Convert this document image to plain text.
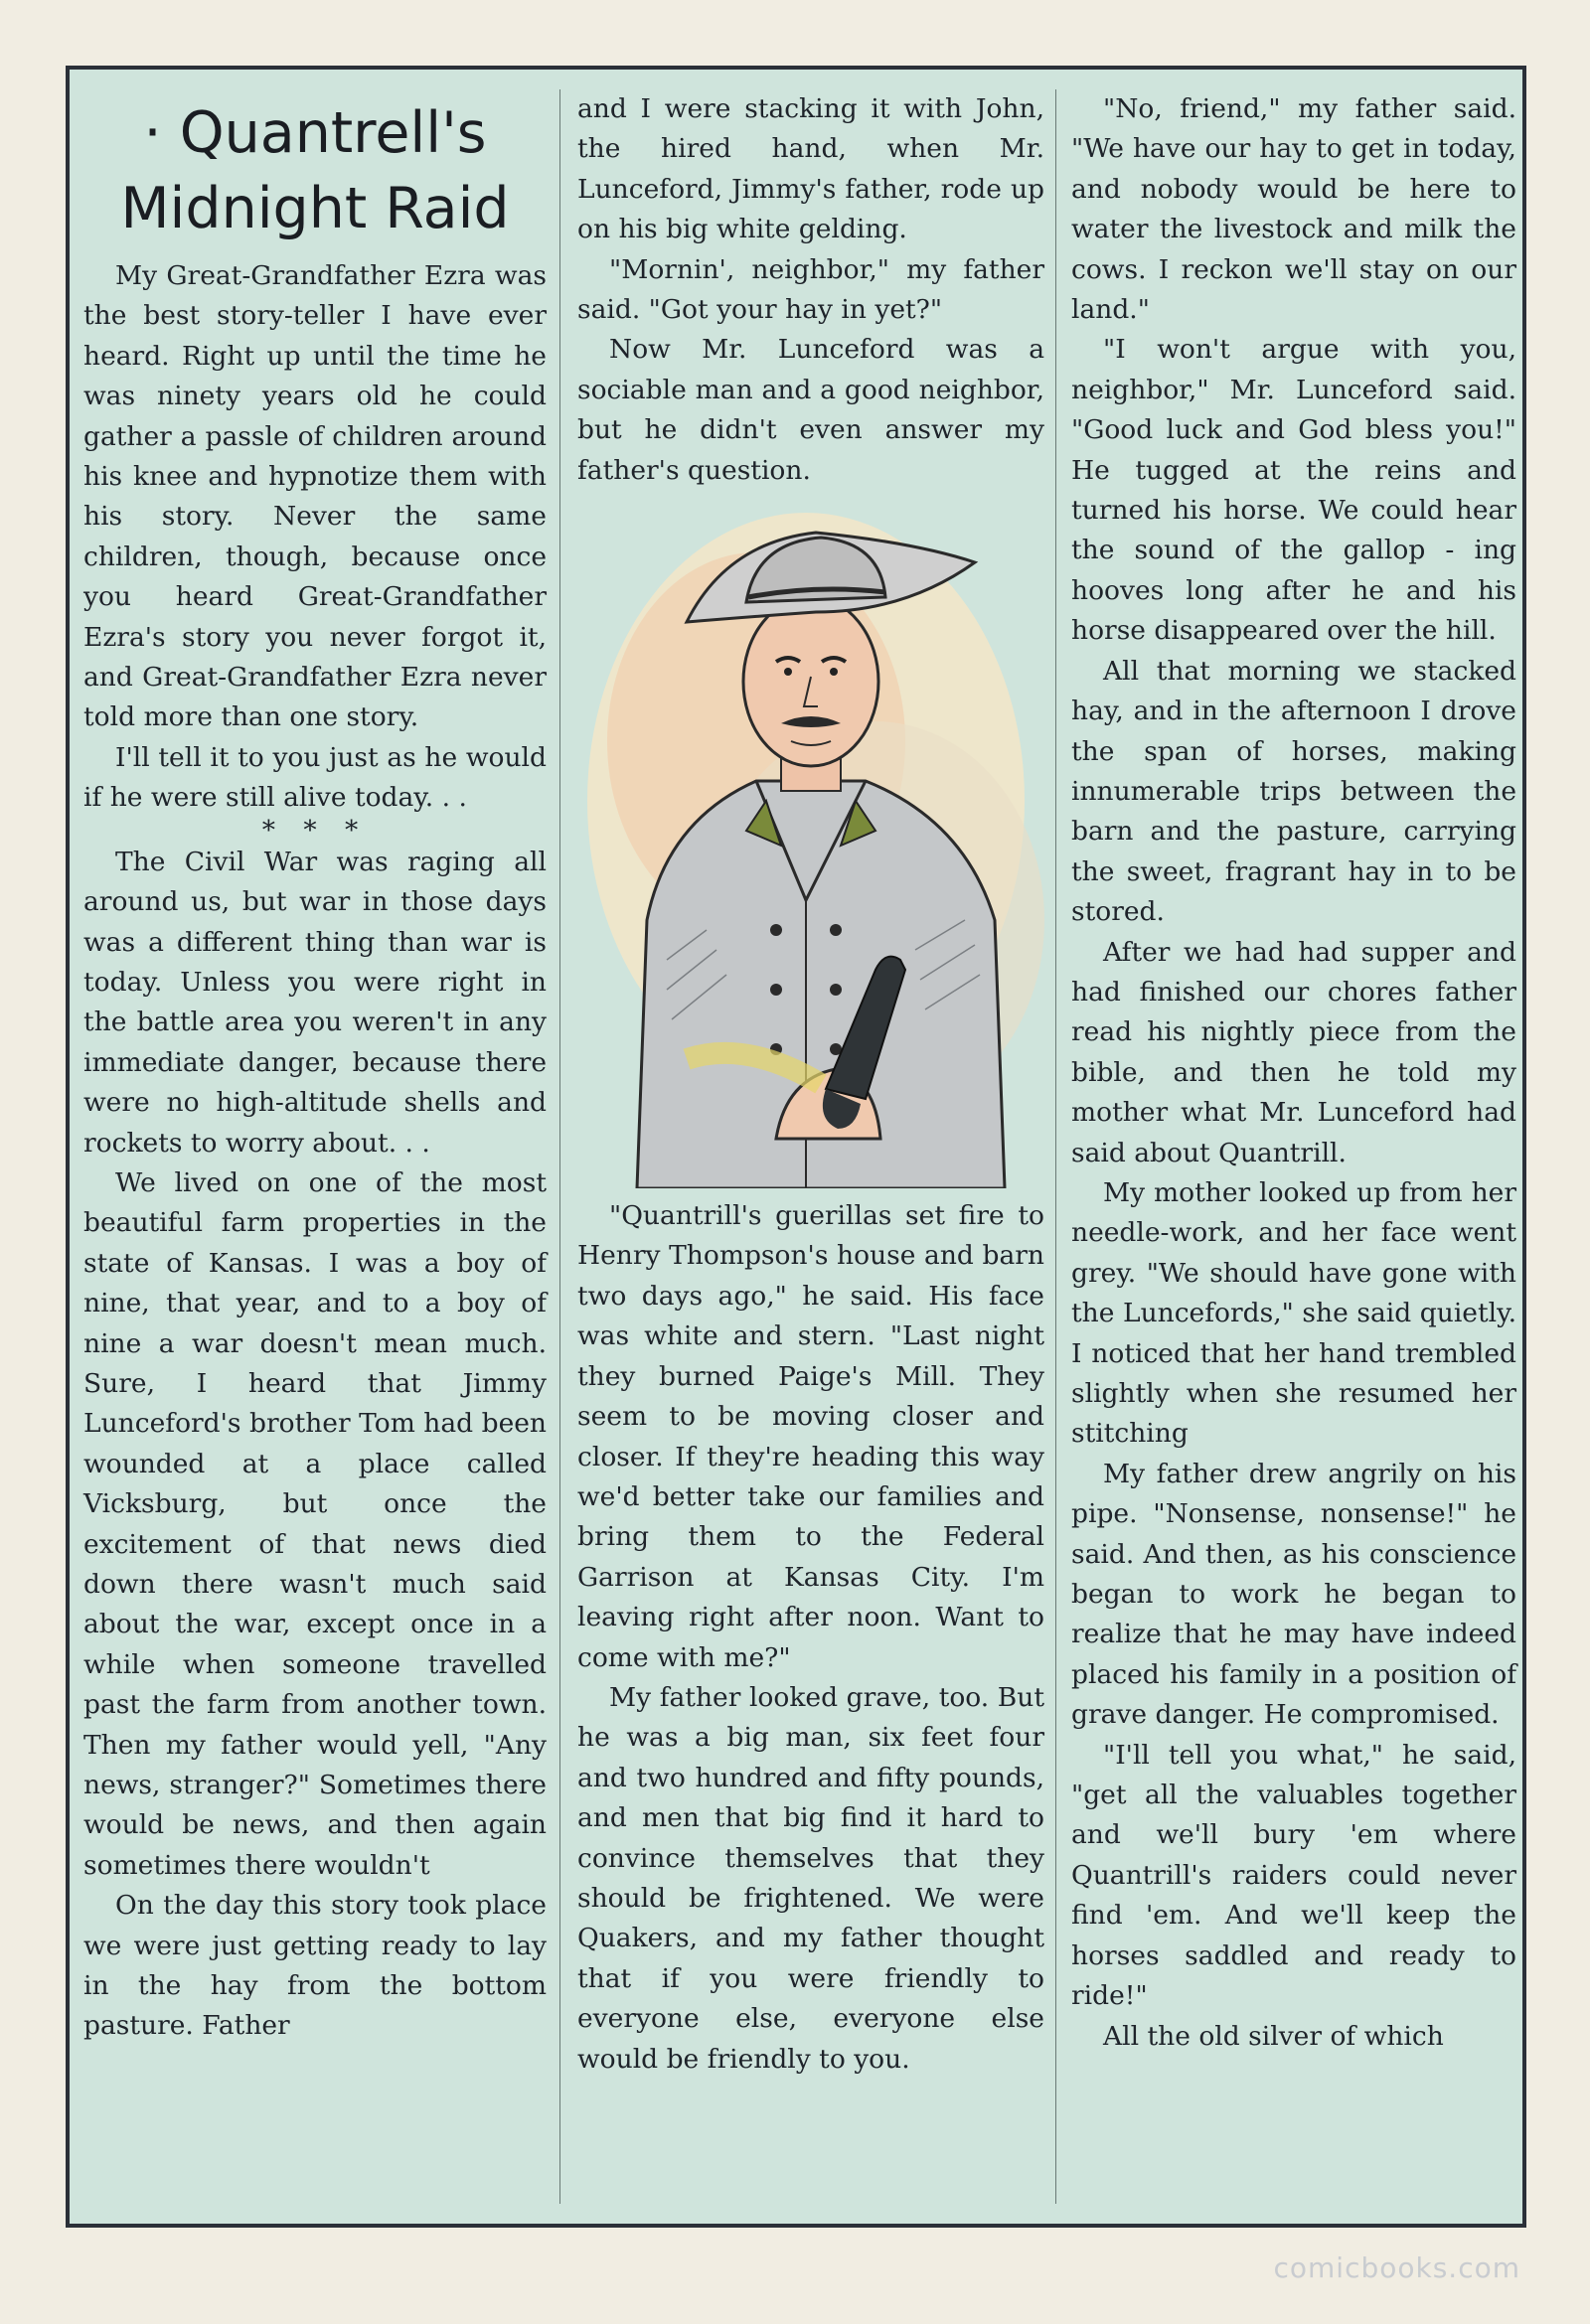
· Quantrell's
Midnight Raid

My Great-Grandfather Ezra was the best story-teller I have ever heard. Right up until the time he was ninety years old he could gather a passle of children around his knee and hypnotize them with his story. Never the same children, though, because once you heard Great-Grandfather Ezra's story you never forgot it, and Great-Grandfather Ezra never told more than one story.

I'll tell it to you just as he would if he were still alive today. . .

* * *

The Civil War was raging all around us, but war in those days was a different thing than war is today. Unless you were right in the battle area you weren't in any immediate danger, because there were no high-altitude shells and rockets to worry about. . .

We lived on one of the most beautiful farm properties in the state of Kansas. I was a boy of nine, that year, and to a boy of nine a war doesn't mean much. Sure, I heard that Jimmy Lunceford's brother Tom had been wounded at a place called Vicksburg, but once the excitement of that news died down there wasn't much said about the war, except once in a while when someone travelled past the farm from another town. Then my father would yell, "Any news, stranger?" Sometimes there would be news, and then again sometimes there wouldn't

On the day this story took place we were just getting ready to lay in the hay from the bottom pasture. Father

and I were stacking it with John, the hired hand, when Mr. Lunceford, Jimmy's father, rode up on his big white gelding.

"Mornin', neighbor," my father said. "Got your hay in yet?"

Now Mr. Lunceford was a sociable man and a good neighbor, but he didn't even answer my father's question.

"Quantrill's guerillas set fire to Henry Thompson's house and barn two days ago," he said. His face was white and stern. "Last night they burned Paige's Mill. They seem to be moving closer and closer. If they're heading this way we'd better take our families and bring them to the Federal Garrison at Kansas City. I'm leaving right after noon. Want to come with me?"

My father looked grave, too. But he was a big man, six feet four and two hundred and fifty pounds, and men that big find it hard to convince themselves that they should be frightened. We were Quakers, and my father thought that if you were friendly to everyone else, everyone else would be friendly to you.

"No, friend," my father said. "We have our hay to get in today, and nobody would be here to water the livestock and milk the cows. I reckon we'll stay on our land."

"I won't argue with you, neighbor," Mr. Lunceford said. "Good luck and God bless you!" He tugged at the reins and turned his horse. We could hear the sound of the gallop - ing hooves long after he and his horse disappeared over the hill.

All that morning we stacked hay, and in the afternoon I drove the span of horses, making innumerable trips between the barn and the pasture, carrying the sweet, fragrant hay in to be stored.

After we had had supper and had finished our chores father read his nightly piece from the bible, and then he told my mother what Mr. Lunceford had said about Quantrill.

My mother looked up from her needle-work, and her face went grey. "We should have gone with the Luncefords," she said quietly. I noticed that her hand trembled slightly when she resumed her stitching

My father drew angrily on his pipe. "Nonsense, nonsense!" he said. And then, as his conscience began to work he began to realize that he may have indeed placed his family in a position of grave danger. He compromised.

"I'll tell you what," he said, "get all the valuables together and we'll bury 'em where Quantrill's raiders could never find 'em. And we'll keep the horses saddled and ready to ride!"

All the old silver of which

comicbooks.com
